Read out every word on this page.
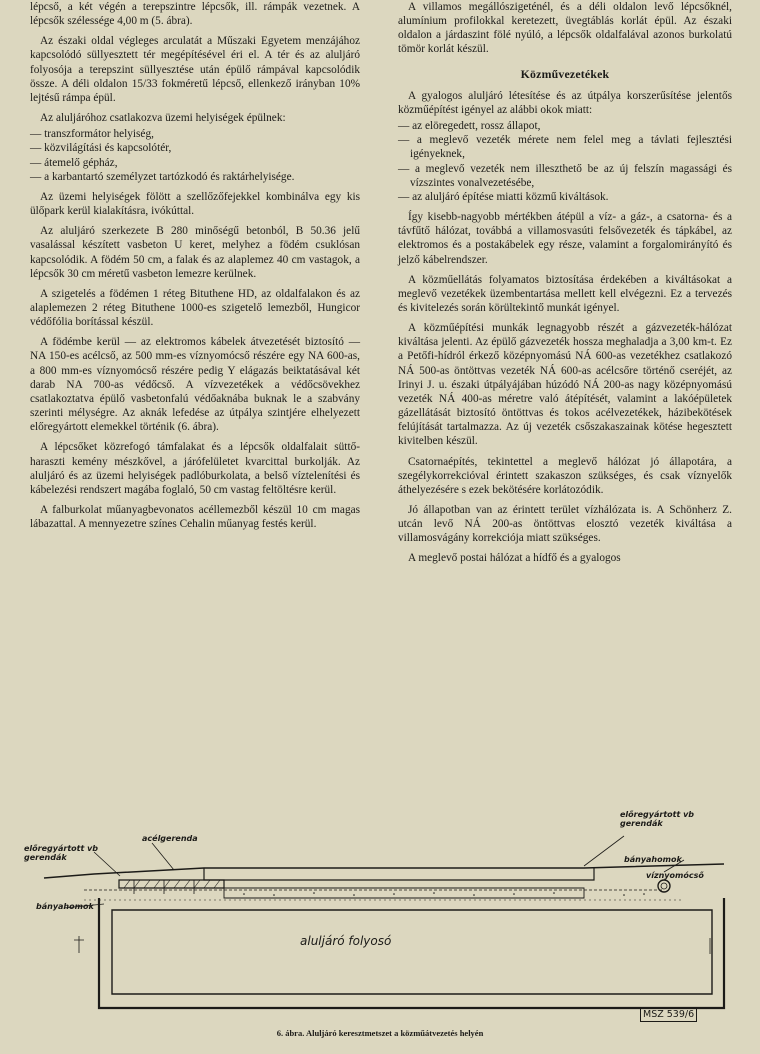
lépcső, a két végén a terepszintre lépcsők, ill. rámpák vezetnek. A lépcsők szélessége 4,00 m (5. ábra).

Az északi oldal végleges arculatát a Műszaki Egyetem menzájához kapcsolódó süllyesztett tér megépítésével éri el. A tér és az aluljáró folyosója a terepszint süllyesztése után épülő rámpával kapcsolódik össze. A déli oldalon 15/33 fokméretű lépcső, ellenkező irányban 10% lejtésű rámpa épül.

Az aluljáróhoz csatlakozva üzemi helyiségek épülnek:

— transzformátor helyiség,
— közvilágítási és kapcsolótér,
— átemelő gépház,
— a karbantartó személyzet tartózkodó és raktárhelyisége.

Az üzemi helyiségek fölött a szellőzőfejekkel kombinálva egy kis ülőpark kerül kialakításra, ivókúttal.

Az aluljáró szerkezete B 280 minőségű betonból, B 50.36 jelű vasalással készített vasbeton U keret, melyhez a födém csuklósan kapcsolódik. A födém 50 cm, a falak és az alaplemez 40 cm vastagok, a lépcsők 30 cm méretű vasbeton lemezre kerülnek.

A szigetelés a födémen 1 réteg Bituthene HD, az oldalfalakon és az alaplemezen 2 réteg Bituthene 1000-es szigetelő lemezből, Hungicor védőfólia borítással készül.

A födémbe kerül — az elektromos kábelek átvezetését biztosító — NA 150-es acélcső, az 500 mm-es víznyomócső részére egy NA 600-as, a 800 mm-es víznyomócső részére pedig Y elágazás beiktatásával két darab NA 700-as védőcső. A vízvezetékek a védőcsövekhez csatlakoztatva épülő vasbetonfalú védőaknába buknak le a szabvány szerinti mélységre. Az aknák lefedése az útpálya szintjére elhelyezett előregyártott elemekkel történik (6. ábra).

A lépcsőket közrefogó támfalakat és a lépcsők oldalfalait süttő-haraszti kemény mészkővel, a járófelületet kvarcittal burkolják. Az aluljáró és az üzemi helyiségek padlóburkolata, a belső víztelenítési és kábelezési rendszert magába foglaló, 50 cm vastag feltöltésre kerül.

A falburkolat műanyagbevonatos acéllemezből készül 10 cm magas lábazattal. A mennyezetre színes Cehalin műanyag festés kerül.

A villamos megállószigeténél, és a déli oldalon levő lépcsőknél, alumínium profilokkal keretezett, üvegtáblás korlát épül. Az északi oldalon a járdaszint fölé nyúló, a lépcsők oldalfalával azonos burkolatú tömör korlát készül.

Közművezetékek

A gyalogos aluljáró létesítése és az útpálya korszerűsítése jelentős közműépítést igényel az alábbi okok miatt:

— az elöregedett, rossz állapot,
— a meglevő vezeték mérete nem felel meg a távlati fejlesztési igényeknek,
— a meglevő vezeték nem illeszthető be az új felszín magassági és vízszintes vonalvezetésébe,
— az aluljáró építése miatti közmű kiváltások.

Így kisebb-nagyobb mértékben átépül a víz- a gáz-, a csatorna- és a távfűtő hálózat, továbbá a villamosvasúti felsővezeték és tápkábel, az elektromos és a postakábelek egy része, valamint a forgalomirányító és jelző kábelrendszer.

A közműellátás folyamatos biztosítása érdekében a kiváltásokat a meglevő vezetékek üzembentartása mellett kell elvégezni. Ez a tervezés és kivitelezés során körültekintő munkát igényel.

A közműépítési munkák legnagyobb részét a gázvezeték-hálózat kiváltása jelenti. Az épülő gázvezeték hossza meghaladja a 3,00 km-t. Ez a Petőfi-hídról érkező középnyomású NÁ 600-as vezetékhez csatlakozó NÁ 500-as öntöttvas vezeték NÁ 600-as acélcsőre történő cseréjét, az Irinyi J. u. északi útpályájában húzódó NÁ 200-as nagy középnyomású vezeték NÁ 400-as méretre való átépítését, valamint a lakóépületek gázellátását biztosító öntöttvas és tokos acélvezetékek, házibekötések felújítását tartalmazza. Az új vezeték csőszakaszainak kötése hegesztett kivitelben készül.

Csatornaépítés, tekintettel a meglevő hálózat jó állapotára, a szegélykorrekcióval érintett szakaszon szükséges, és csak víznyelők áthelyezésére s ezek bekötésére korlátozódik.

Jó állapotban van az érintett terület vízhálózata is. A Schönherz Z. utcán levő NÁ 200-as öntöttvas elosztó vezeték kiváltása a villamosvágány korrekciója miatt szükséges.

A meglevő postai hálózat a hídfő és a gyalogos

előregyártott vb
gerendák
acélgerenda
előregyártott vb
gerendák	bányahomok
víznyomócső
bányahomok
aluljáró folyosó
MSZ 539/6
6. ábra. Aluljáró keresztmetszet a közműátvezetés helyén
